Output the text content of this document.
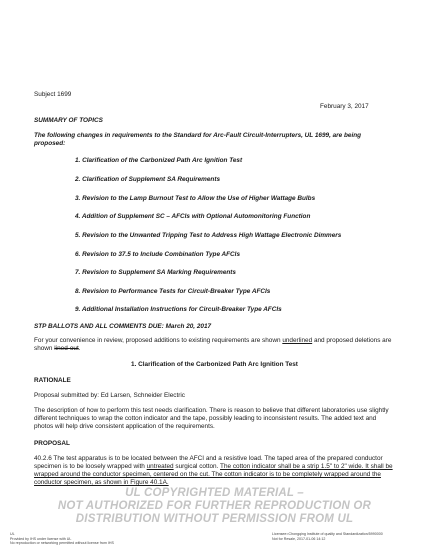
Subject 1699
February 3, 2017
SUMMARY OF TOPICS
The following changes in requirements to the Standard for Arc-Fault Circuit-Interrupters, UL 1699, are being proposed:
1. Clarification of the Carbonized Path Arc Ignition Test
2. Clarification of Supplement SA Requirements
3. Revision to the Lamp Burnout Test to Allow the Use of Higher Wattage Bulbs
4. Addition of Supplement SC – AFCIs with Optional Automonitoring Function
5. Revision to the Unwanted Tripping Test to Address High Wattage Electronic Dimmers
6. Revision to 37.5 to Include Combination Type AFCIs
7. Revision to Supplement SA Marking Requirements
8. Revision to Performance Tests for Circuit-Breaker Type AFCIs
9. Additional Installation Instructions for Circuit-Breaker Type AFCIs
STP BALLOTS AND ALL COMMENTS DUE: March 20, 2017
For your convenience in review, proposed additions to existing requirements are shown underlined and proposed deletions are shown lined-out.
1. Clarification of the Carbonized Path Arc Ignition Test
RATIONALE
Proposal submitted by: Ed Larsen, Schneider Electric
The description of how to perform this test needs clarification. There is reason to believe that different laboratories use slightly different techniques to wrap the cotton indicator and the tape, possibly leading to inconsistent results. The added text and photos will help drive consistent application of the requirements.
PROPOSAL
40.2.6 The test apparatus is to be located between the AFCI and a resistive load. The taped area of the prepared conductor specimen is to be loosely wrapped with untreated surgical cotton. The cotton indicator shall be a strip 1.5" to 2" wide. It shall be wrapped around the conductor specimen, centered on the cut. The cotton indicator is to be completely wrapped around the conductor specimen, as shown in Figure 40.1A.
UL COPYRIGHTED MATERIAL –
NOT AUTHORIZED FOR FURTHER REPRODUCTION OR
DISTRIBUTION WITHOUT PERMISSION FROM UL
UL
Provided by IHS under license with UL
No reproduction or networking permitted without license from IHS
Licensee=Chongqing Institute of quality and Standardization/5990000
Not for Resale, 2017-01-06 14:12
